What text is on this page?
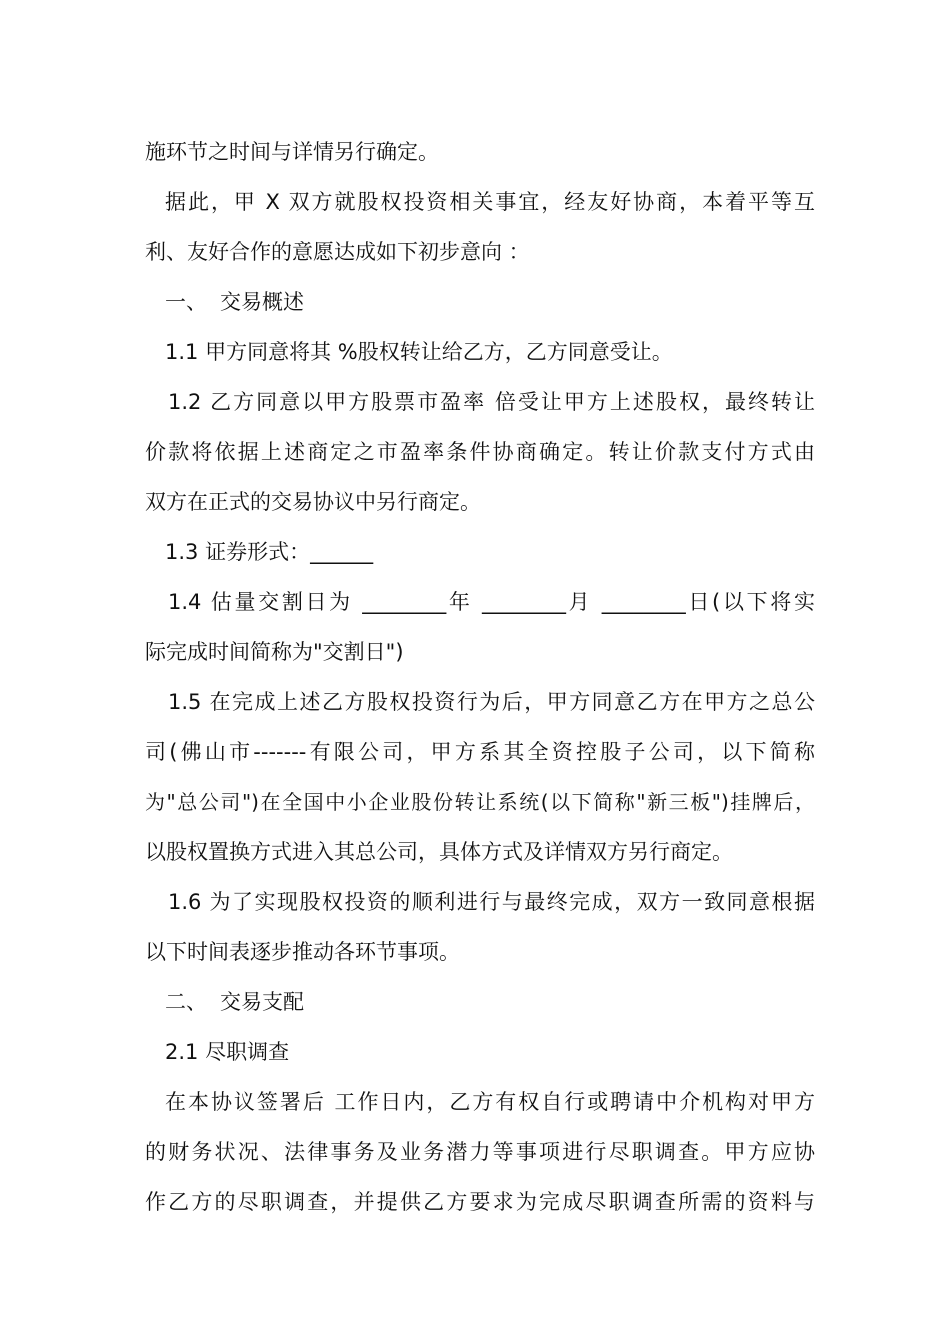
施环节之时间与详情另行确定。
据此，甲 X 双方就股权投资相关事宜，经友好协商，本着平等互
利、友好合作的意愿达成如下初步意向 ：
一、 交易概述
1.1 甲方同意将其 %股权转让给乙方，乙方同意受让。
1.2 乙方同意以甲方股票市盈率 倍受让甲方上述股权，最终转让
价款将依据上述商定之市盈率条件协商确定。转让价款支付方式由
双方在正式的交易协议中另行商定。
1.3 证券形式：______
1.4 估量交割日为 ________年 ________月 ________日(以下将实
际完成时间简称为"交割日")
1.5 在完成上述乙方股权投资行为后，甲方同意乙方在甲方之总公
司(佛山市-------有限公司，甲方系其全资控股子公司，以下简称
为"总公司")在全国中小企业股份转让系统(以下简称"新三板")挂牌后，
以股权置换方式进入其总公司，具体方式及详情双方另行商定。
1.6 为了实现股权投资的顺利进行与最终完成，双方一致同意根据
以下时间表逐步推动各环节事项。
二、 交易支配
2.1 尽职调查
在本协议签署后 工作日内，乙方有权自行或聘请中介机构对甲方
的财务状况、法律事务及业务潜力等事项进行尽职调查。甲方应协
作乙方的尽职调查，并提供乙方要求为完成尽职调查所需的资料与
